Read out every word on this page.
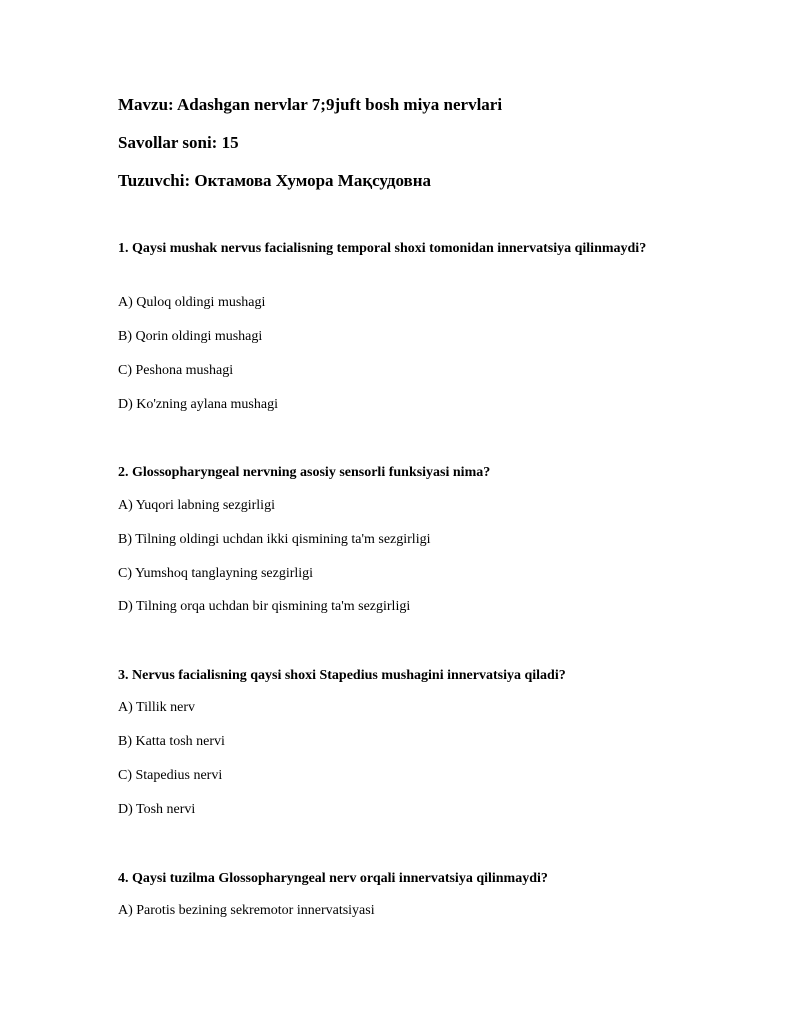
Mavzu: Adashgan nervlar 7;9juft bosh miya nervlari
Savollar soni: 15
Tuzuvchi: Октамова Хумора Мақсудовна
1. Qaysi mushak nervus facialisning temporal shoxi tomonidan innervatsiya qilinmaydi?
A) Quloq oldingi mushagi
B) Qorin oldingi mushagi
C) Peshona mushagi
D) Ko'zning aylana mushagi
2. Glossopharyngeal nervning asosiy sensorli funksiyasi nima?
A) Yuqori labning sezgirligi
B) Tilning oldingi uchdan ikki qismining ta'm sezgirligi
C) Yumshoq tanglayning sezgirligi
D) Tilning orqa uchdan bir qismining ta'm sezgirligi
3. Nervus facialisning qaysi shoxi Stapedius mushagini innervatsiya qiladi?
A) Tillik nerv
B) Katta tosh nervi
C) Stapedius nervi
D) Tosh nervi
4. Qaysi tuzilma Glossopharyngeal nerv orqali innervatsiya qilinmaydi?
A) Parotis bezining sekremotor innervatsiyasi
